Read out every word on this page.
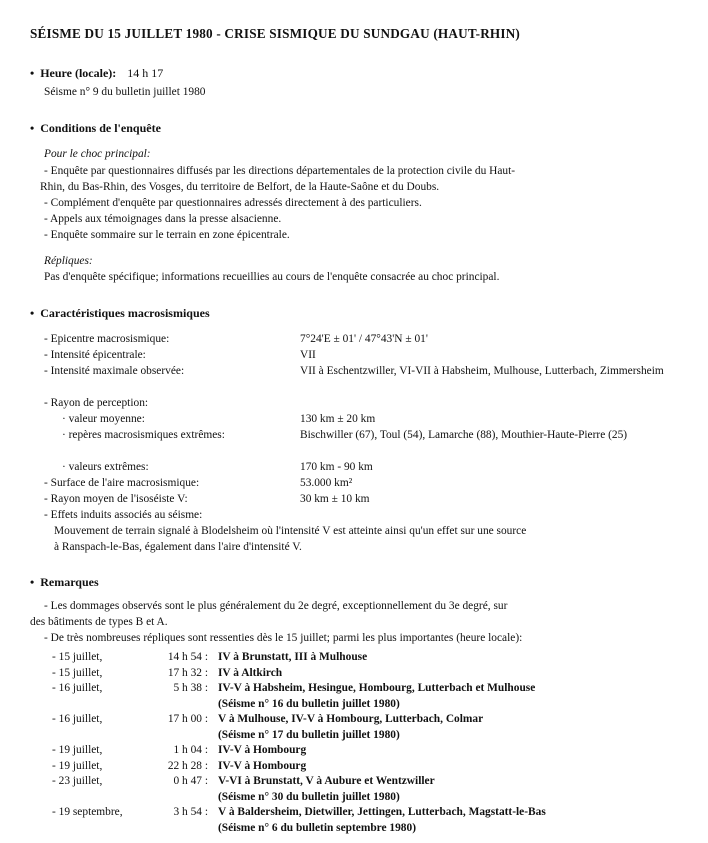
SÉISME DU 15 JUILLET 1980 - CRISE SISMIQUE DU SUNDGAU (HAUT-RHIN)
• Heure (locale): 14 h 17
Séisme n° 9 du bulletin juillet 1980
• Conditions de l'enquête
Pour le choc principal:
- Enquête par questionnaires diffusés par les directions départementales de la protection civile du Haut-
Rhin, du Bas-Rhin, des Vosges, du territoire de Belfort, de la Haute-Saône et du Doubs.
- Complément d'enquête par questionnaires adressés directement à des particuliers.
- Appels aux témoignages dans la presse alsacienne.
- Enquête sommaire sur le terrain en zone épicentrale.
Répliques:
Pas d'enquête spécifique; informations recueillies au cours de l'enquête consacrée au choc principal.
• Caractéristiques macrosismiques
- Epicentre macrosismique:	7°24'E ± 01' / 47°43'N ± 01'
- Intensité épicentrale:	VII
- Intensité maximale observée:	VII à Eschentzwiller, VI-VII à Habsheim, Mulhouse, Lutterbach, Zimmersheim
- Rayon de perception:
· valeur moyenne:	130 km ± 20 km
· repères macrosismiques extrêmes:	Bischwiller (67), Toul (54), Lamarche (88), Mouthier-Haute-Pierre (25)
· valeurs extrêmes:	170 km - 90 km
- Surface de l'aire macrosismique:	53.000 km²
- Rayon moyen de l'isoséiste V:	30 km ± 10 km
- Effets induits associés au séisme:
Mouvement de terrain signalé à Blodelsheim où l'intensité V est atteinte ainsi qu'un effet sur une source
à Ranspach-le-Bas, également dans l'aire d'intensité V.
• Remarques
- Les dommages observés sont le plus généralement du 2e degré, exceptionnellement du 3e degré, sur
des bâtiments de types B et A.
- De très nombreuses répliques sont ressenties dès le 15 juillet; parmi les plus importantes (heure locale):
- 15 juillet,	14 h 54 : IV à Brunstatt, III à Mulhouse
- 15 juillet,	17 h 32 : IV à Altkirch
- 16 juillet,	5 h 38 : IV-V à Habsheim, Hesingue, Hombourg, Lutterbach et Mulhouse
(Séisme n° 16 du bulletin juillet 1980)
- 16 juillet,	17 h 00 : V à Mulhouse, IV-V à Hombourg, Lutterbach, Colmar
(Séisme n° 17 du bulletin juillet 1980)
- 19 juillet,	1 h 04 : IV-V à Hombourg
- 19 juillet,	22 h 28 : IV-V à Hombourg
- 23 juillet,	0 h 47 : V-VI à Brunstatt, V à Aubure et Wentzwiller
(Séisme n° 30 du bulletin juillet 1980)
- 19 septembre,	3 h 54 : V à Baldersheim, Dietwiller, Jettingen, Lutterbach, Magstatt-le-Bas
(Séisme n° 6 du bulletin septembre 1980)
